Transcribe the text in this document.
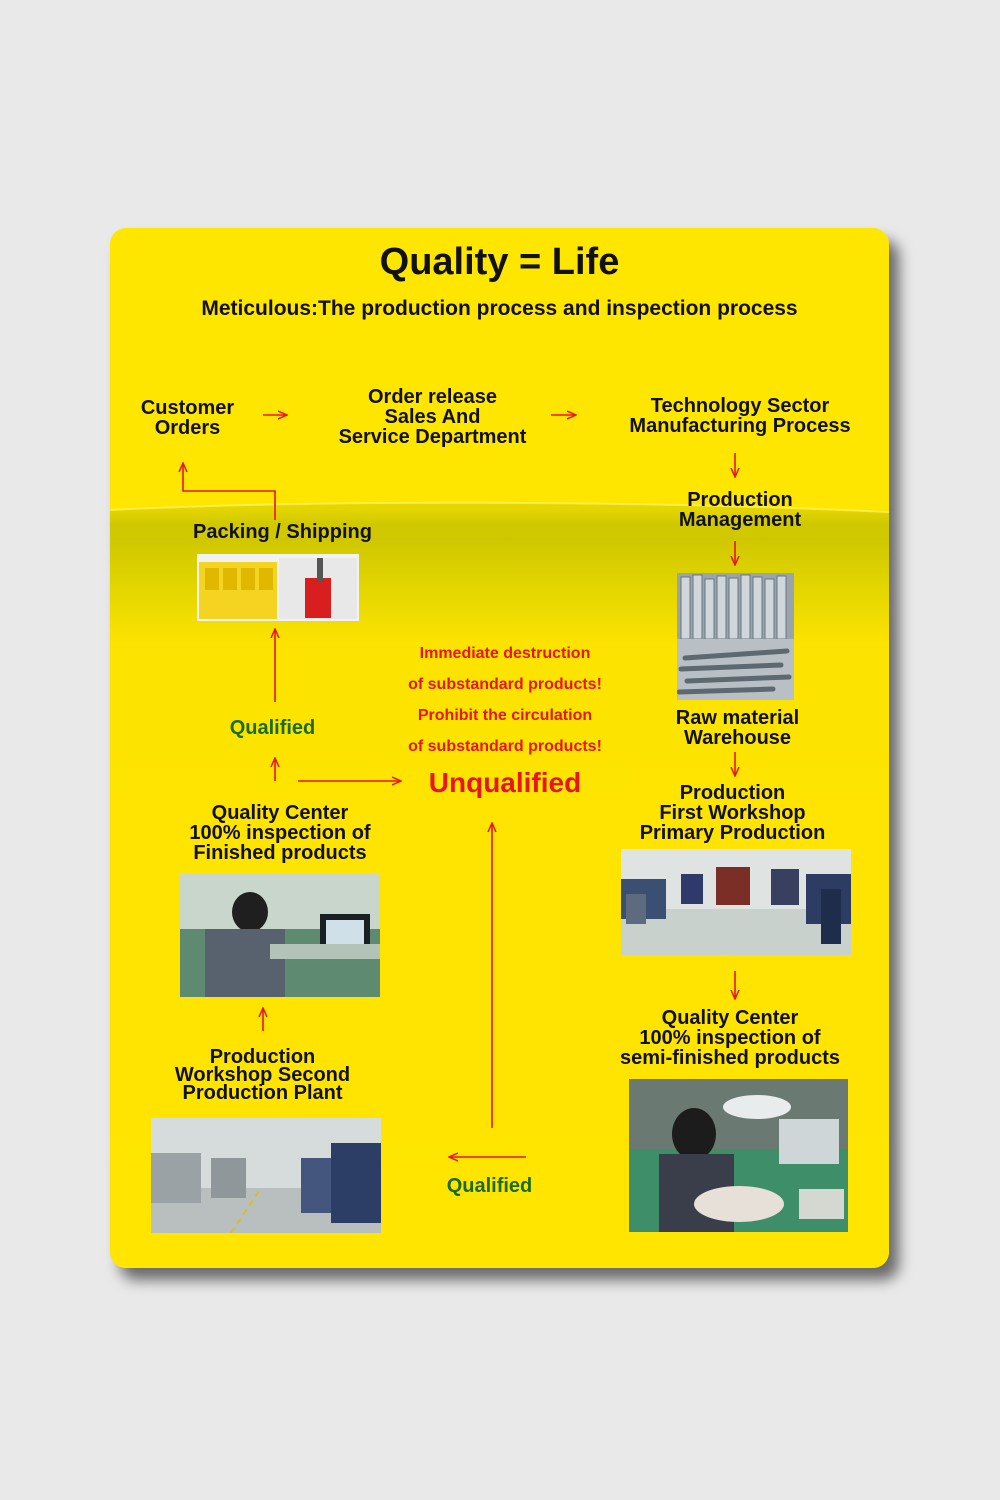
Quality = Life
Meticulous:The production process and inspection process
Customer
Orders
Order release
Sales And
Service Department
Technology Sector
Manufacturing Process
Production
Management
Raw material
Warehouse
Production
First Workshop
Primary Production
Quality Center
100% inspection of
semi-finished products
Production
Workshop Second
Production Plant
Quality Center
100% inspection of
Finished products
Packing / Shipping
Qualified
Qualified
Unqualified
Immediate destruction
of substandard products!
Prohibit the circulation
of substandard products!
